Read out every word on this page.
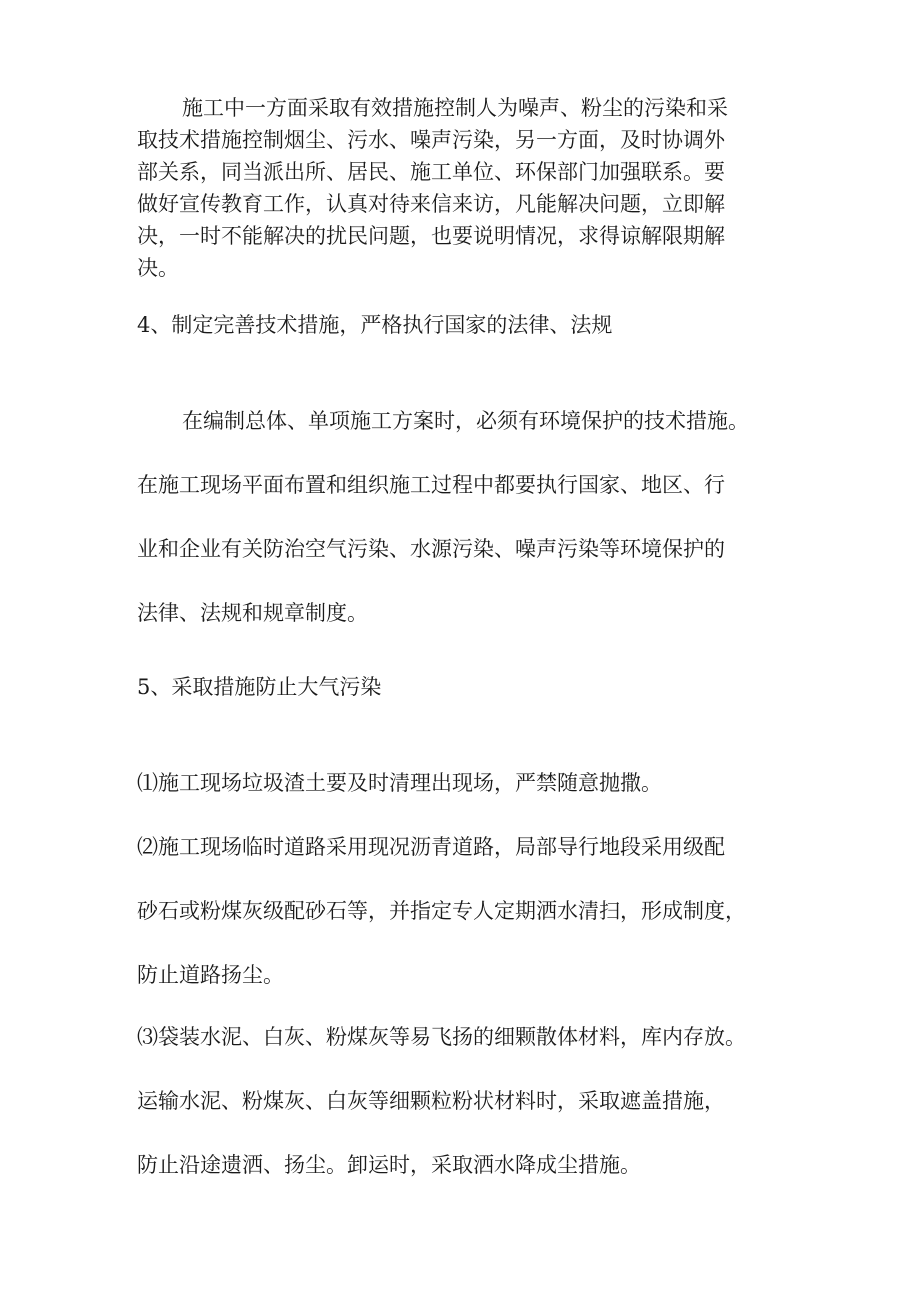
施工中一方面采取有效措施控制人为噪声、粉尘的污染和采
取技术措施控制烟尘、污水、噪声污染，另一方面，及时协调外
部关系，同当派出所、居民、施工单位、环保部门加强联系。要
做好宣传教育工作，认真对待来信来访，凡能解决问题，立即解
决，一时不能解决的扰民问题，也要说明情况，求得谅解限期解
决。
4、制定完善技术措施，严格执行国家的法律、法规
在编制总体、单项施工方案时，必须有环境保护的技术措施。
在施工现场平面布置和组织施工过程中都要执行国家、地区、行
业和企业有关防治空气污染、水源污染、噪声污染等环境保护的
法律、法规和规章制度。
5、采取措施防止大气污染
⑴施工现场垃圾渣土要及时清理出现场，严禁随意抛撒。
⑵施工现场临时道路采用现况沥青道路，局部导行地段采用级配
砂石或粉煤灰级配砂石等，并指定专人定期洒水清扫，形成制度，
防止道路扬尘。
⑶袋装水泥、白灰、粉煤灰等易飞扬的细颗散体材料，库内存放。
运输水泥、粉煤灰、白灰等细颗粒粉状材料时，采取遮盖措施，
防止沿途遗洒、扬尘。卸运时，采取洒水降成尘措施。
